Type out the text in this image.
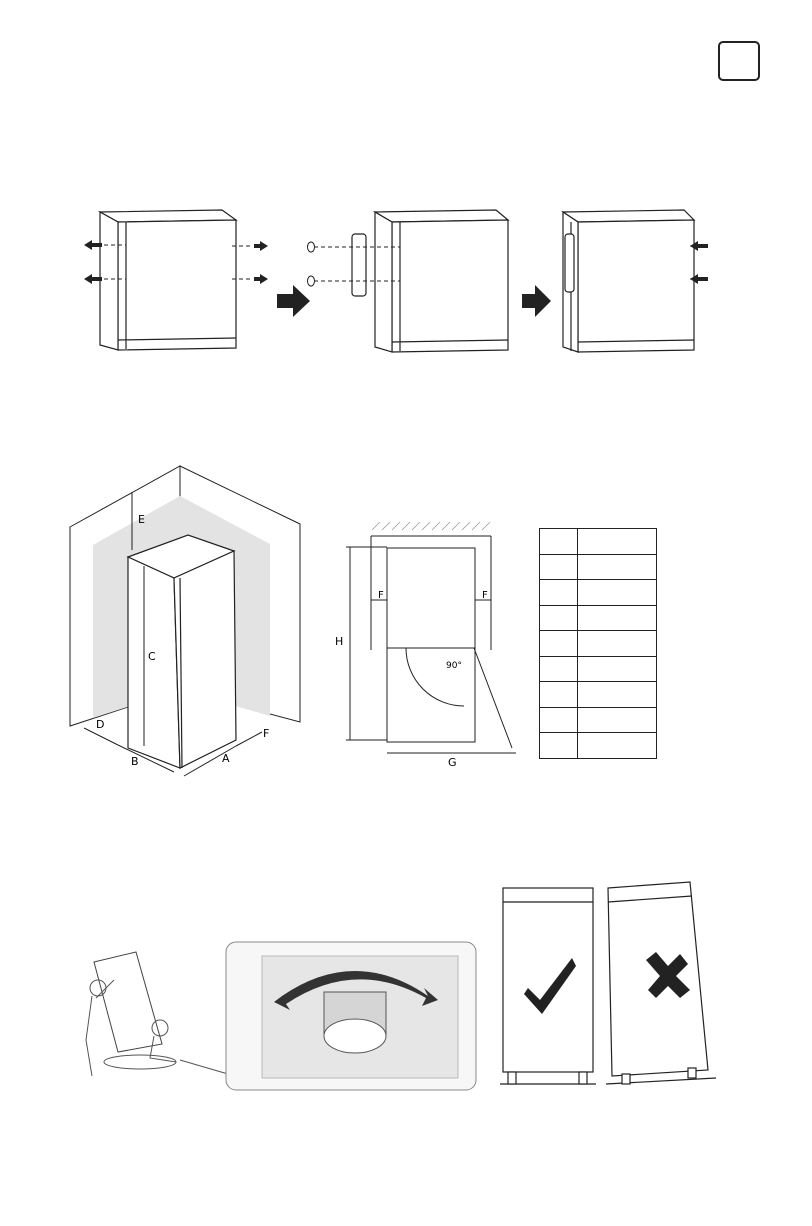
E
C
D
B	A
F
F	F
H
G
90°
